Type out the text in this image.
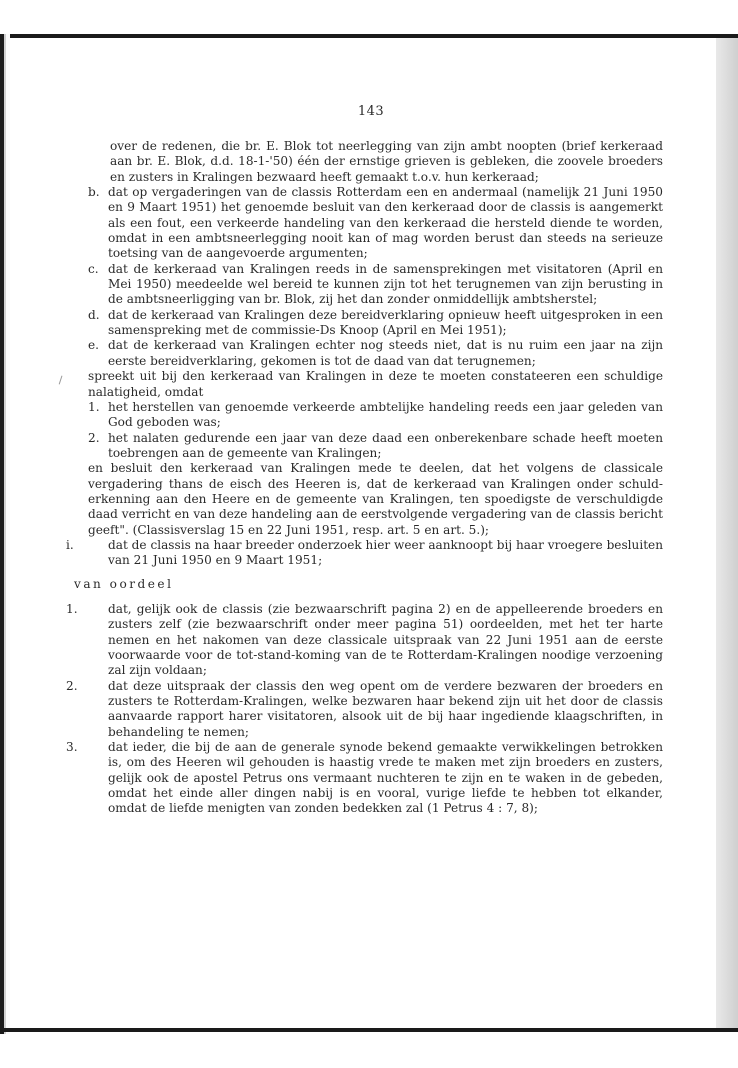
143

over de redenen, die br. E. Blok tot neerlegging van zijn ambt noopten (brief kerkeraad aan br. E. Blok, d.d. 18-1-'50) één der ernstige grieven is gebleken, die zoovele broeders en zusters in Kralingen bezwaard heeft gemaakt t.o.v. hun kerkeraad;

b. dat op vergaderingen van de classis Rotterdam een en andermaal (namelijk 21 Juni 1950 en 9 Maart 1951) het genoemde besluit van den kerkeraad door de classis is aangemerkt als een fout, een verkeerde handeling van den kerkeraad die hersteld diende te worden, omdat in een ambtsneerlegging nooit kan of mag worden berust dan steeds na serieuze toetsing van de aangevoerde argumenten;
c. dat de kerkeraad van Kralingen reeds in de samensprekingen met visitatoren (April en Mei 1950) meedeelde wel bereid te kunnen zijn tot het terugnemen van zijn berusting in de ambtsneerligging van br. Blok, zij het dan zonder onmiddellijk ambtsherstel;
d. dat de kerkeraad van Kralingen deze bereidverklaring opnieuw heeft uitgesproken in een samenspreking met de commissie-Ds Knoop (April en Mei 1951);
e. dat de kerkeraad van Kralingen echter nog steeds niet, dat is nu ruim een jaar na zijn eerste bereidverklaring, gekomen is tot de daad van dat terugnemen;

spreekt uit bij den kerkeraad van Kralingen in deze te moeten constateeren een schuldige nalatigheid, omdat

1. het herstellen van genoemde verkeerde ambtelijke handeling reeds een jaar geleden van God geboden was;
2. het nalaten gedurende een jaar van deze daad een onberekenbare schade heeft moeten toebrengen aan de gemeente van Kralingen;

en besluit den kerkeraad van Kralingen mede te deelen, dat het volgens de classicale vergadering thans de eisch des Heeren is, dat de kerkeraad van Kralingen onder schuld-erkenning aan den Heere en de gemeente van Kralingen, ten spoedigste de verschuldigde daad verricht en van deze handeling aan de eerstvolgende vergadering van de classis bericht geeft". (Classisverslag 15 en 22 Juni 1951, resp. art. 5 en art. 5.);

i.	dat de classis na haar breeder onderzoek hier weer aanknoopt bij haar vroegere besluiten van 21 Juni 1950 en 9 Maart 1951;
van oordeel
1.	dat, gelijk ook de classis (zie bezwaarschrift pagina 2) en de appelleerende broeders en zusters zelf (zie bezwaarschrift onder meer pagina 51) oordeelden, met het ter harte nemen en het nakomen van deze classicale uitspraak van 22 Juni 1951 aan de eerste voorwaarde voor de tot-stand-koming van de te Rotterdam-Kralingen noodige verzoening zal zijn voldaan;
2.	dat deze uitspraak der classis den weg opent om de verdere bezwaren der broeders en zusters te Rotterdam-Kralingen, welke bezwaren haar bekend zijn uit het door de classis aanvaarde rapport harer visitatoren, alsook uit de bij haar ingediende klaagschriften, in behandeling te nemen;
3.	dat ieder, die bij de aan de generale synode bekend gemaakte verwikkelingen betrokken is, om des Heeren wil gehouden is haastig vrede te maken met zijn broeders en zusters, gelijk ook de apostel Petrus ons vermaant nuchteren te zijn en te waken in de gebeden, omdat het einde aller dingen nabij is en vooral, vurige liefde te hebben tot elkander, omdat de liefde menigten van zonden bedekken zal (1 Petrus 4 : 7, 8);
